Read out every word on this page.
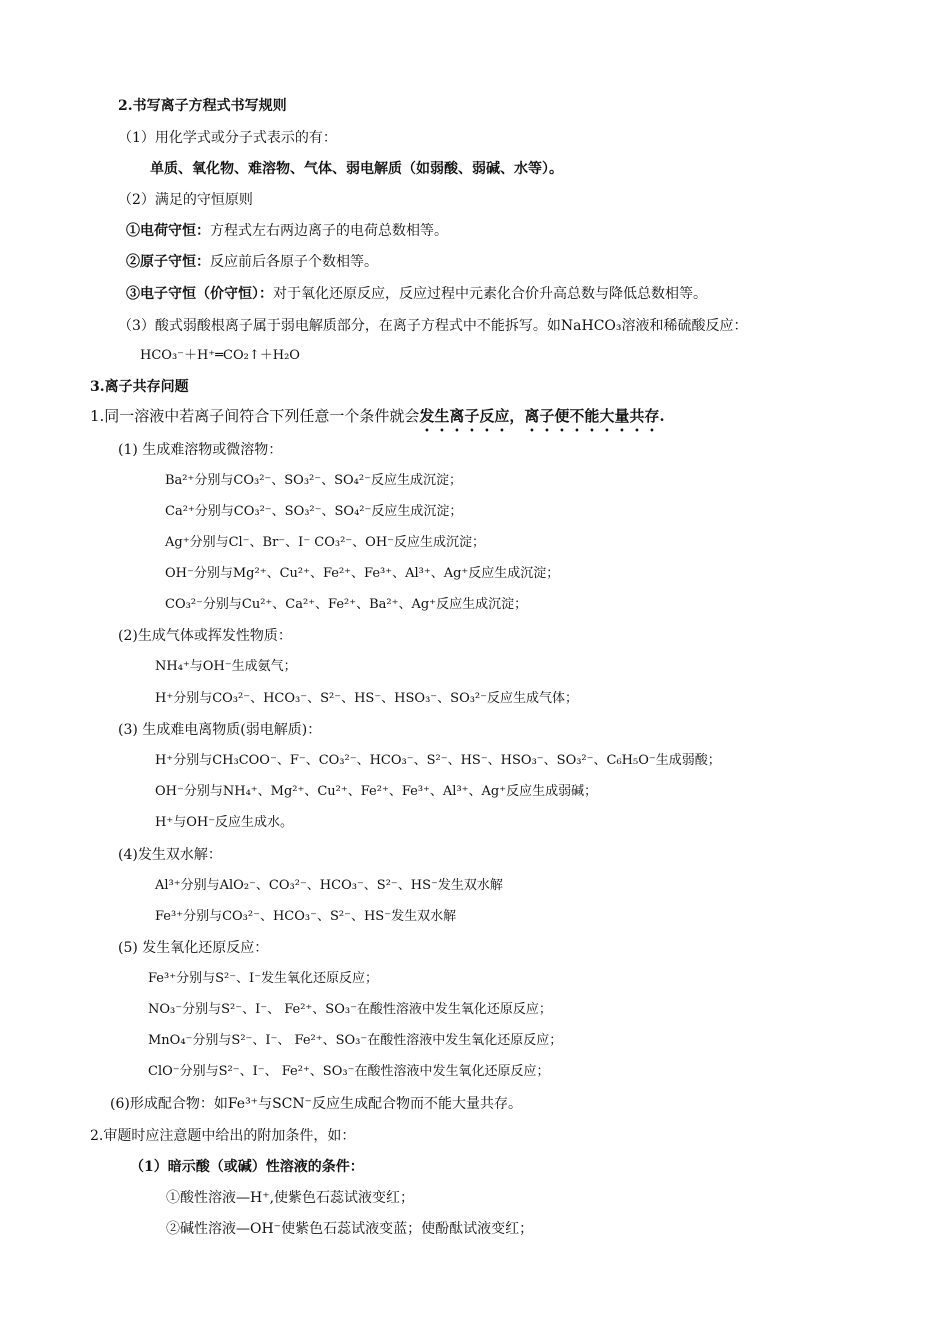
2.书写离子方程式书写规则
（1）用化学式或分子式表示的有：
单质、氧化物、难溶物、气体、弱电解质（如弱酸、弱碱、水等）。
（2）满足的守恒原则
①电荷守恒：方程式左右两边离子的电荷总数相等。
②原子守恒：反应前后各原子个数相等。
③电子守恒（价守恒）：对于氧化还原反应，反应过程中元素化合价升高总数与降低总数相等。
（3）酸式弱酸根离子属于弱电解质部分，在离子方程式中不能拆写。如NaHCO₃溶液和稀硫酸反应：
HCO₃⁻＋H⁺═CO₂↑＋H₂O
3.离子共存问题
1.同一溶液中若离子间符合下列任意一个条件就会发生离子反应，离子便不能大量共存.
(1) 生成难溶物或微溶物：
Ba²⁺分别与CO₃²⁻、SO₃²⁻、SO₄²⁻反应生成沉淀；
Ca²⁺分别与CO₃²⁻、SO₃²⁻、SO₄²⁻反应生成沉淀；
Ag⁺分别与Cl⁻、Br⁻、I⁻ CO₃²⁻、OH⁻反应生成沉淀；
OH⁻分别与Mg²⁺、Cu²⁺、Fe²⁺、Fe³⁺、Al³⁺、Ag⁺反应生成沉淀；
CO₃²⁻分别与Cu²⁺、Ca²⁺、Fe²⁺、Ba²⁺、Ag⁺反应生成沉淀；
(2)生成气体或挥发性物质：
NH₄⁺与OH⁻生成氨气；
H⁺分别与CO₃²⁻、HCO₃⁻、S²⁻、HS⁻、HSO₃⁻、SO₃²⁻反应生成气体；
(3) 生成难电离物质(弱电解质)：
H⁺分别与CH₃COO⁻、F⁻、CO₃²⁻、HCO₃⁻、S²⁻、HS⁻、HSO₃⁻、SO₃²⁻、C₆H₅O⁻生成弱酸；
OH⁻分别与NH₄⁺、Mg²⁺、Cu²⁺、Fe²⁺、Fe³⁺、Al³⁺、Ag⁺反应生成弱碱；
H⁺与OH⁻反应生成水。
(4)发生双水解：
Al³⁺分别与AlO₂⁻、CO₃²⁻、HCO₃⁻、S²⁻、HS⁻发生双水解
Fe³⁺分别与CO₃²⁻、HCO₃⁻、S²⁻、HS⁻发生双水解
(5) 发生氧化还原反应：
Fe³⁺分别与S²⁻、I⁻发生氧化还原反应；
NO₃⁻分别与S²⁻、I⁻、 Fe²⁺、SO₃⁻在酸性溶液中发生氧化还原反应；
MnO₄⁻分别与S²⁻、I⁻、 Fe²⁺、SO₃⁻在酸性溶液中发生氧化还原反应；
ClO⁻分别与S²⁻、I⁻、 Fe²⁺、SO₃⁻在酸性溶液中发生氧化还原反应；
(6)形成配合物：如Fe³⁺与SCN⁻反应生成配合物而不能大量共存。
2.审题时应注意题中给出的附加条件，如：
（1）暗示酸（或碱）性溶液的条件：
①酸性溶液—H⁺,使紫色石蕊试液变红；
②碱性溶液—OH⁻使紫色石蕊试液变蓝；使酚酞试液变红；
